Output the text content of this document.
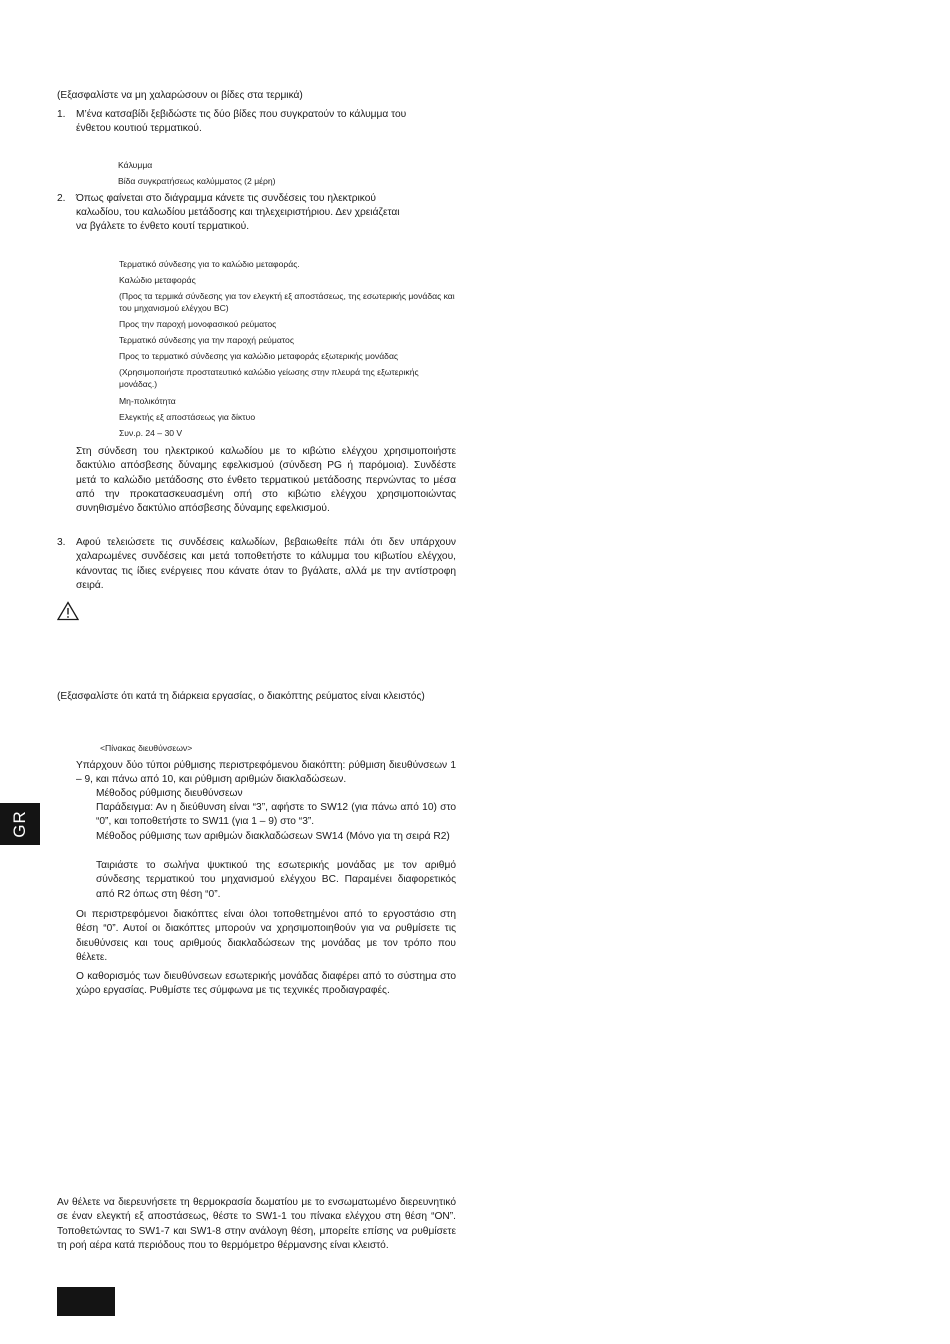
(Εξασφαλίστε να μη χαλαρώσουν οι βίδες στα τερμικά)
1. Μ’ένα κατσαβίδι ξεβιδώστε τις δύο βίδες που συγκρατούν το κάλυμμα του
ένθετου κουτιού τερματικού.
Κάλυμμα
Βίδα συγκρατήσεως καλύμματος (2 μέρη)
2. Όπως φαίνεται στο διάγραμμα κάνετε τις συνδέσεις του ηλεκτρικού
καλωδίου, του καλωδίου μετάδοσης και τηλεχειριστήριου. Δεν χρειάζεται
να βγάλετε το ένθετο κουτί τερματικού.
Τερματικό σύνδεσης για το καλώδιο μεταφοράς.
Καλώδιο μεταφοράς
(Προς τα τερμικά σύνδεσης για τον ελεγκτή εξ αποστάσεως, της εσωτερικής μονάδας και του μηχανισμού ελέγχου BC)
Προς την παροχή μονοφασικού ρεύματος
Τερματικό σύνδεσης για την παροχή ρεύματος
Προς το τερματικό σύνδεσης για καλώδιο μεταφοράς εξωτερικής μονάδας
(Χρησιμοποιήστε προστατευτικό καλώδιο γείωσης στην πλευρά της εξωτερικής μονάδας.)
Μη-πολικότητα
Ελεγκτής εξ αποστάσεως για δίκτυο
Συν.ρ. 24 – 30 V
Στη σύνδεση του ηλεκτρικού καλωδίου με το κιβώτιο ελέγχου χρησιμοποιήστε δακτύλιο απόσβεσης δύναμης εφελκισμού (σύνδεση PG ή παρόμοια). Συνδέστε μετά το καλώδιο μετάδοσης στο ένθετο τερματικού μετάδοσης περνώντας το μέσα από την προκατασκευασμένη οπή στο κιβώτιο ελέγχου χρησιμοποιώντας συνηθισμένο δακτύλιο απόσβεσης δύναμης εφελκισμού.
3. Αφού τελειώσετε τις συνδέσεις καλωδίων, βεβαιωθείτε πάλι ότι δεν υπάρχουν χαλαρωμένες συνδέσεις και μετά τοποθετήστε το κάλυμμα του κιβωτίου ελέγχου, κάνοντας τις ίδιες ενέργειες που κάνατε όταν το βγάλατε, αλλά με την αντίστροφη σειρά.
(Εξασφαλίστε ότι κατά τη διάρκεια εργασίας, ο διακόπτης ρεύματος είναι κλειστός)
<Πίνακας διευθύνσεων>
Υπάρχουν δύο τύποι ρύθμισης περιστρεφόμενου διακόπτη: ρύθμιση διευθύνσεων 1 – 9, και πάνω από 10, και ρύθμιση αριθμών διακλαδώσεων.
Μέθοδος ρύθμισης διευθύνσεων
Παράδειγμα: Αν η διεύθυνση είναι “3”, αφήστε το SW12 (για πάνω από 10) στο “0”, και τοποθετήστε το SW11 (για 1 – 9) στο “3”.
Μέθοδος ρύθμισης των αριθμών διακλαδώσεων SW14 (Μόνο για τη σειρά R2)
Ταιριάστε το σωλήνα ψυκτικού της εσωτερικής μονάδας με τον αριθμό σύνδεσης τερματικού του μηχανισμού ελέγχου BC. Παραμένει διαφορετικός από R2 όπως στη θέση “0”.
Οι περιστρεφόμενοι διακόπτες είναι όλοι τοποθετημένοι από το εργοστάσιο στη θέση “0”. Αυτοί οι διακόπτες μπορούν να χρησιμοποιηθούν για να ρυθμίσετε τις διευθύνσεις και τους αριθμούς διακλαδώσεων της μονάδας με τον τρόπο που θέλετε.
Ο καθορισμός των διευθύνσεων εσωτερικής μονάδας διαφέρει από το σύστημα στο χώρο εργασίας. Ρυθμίστε τες σύμφωνα με τις τεχνικές προδιαγραφές.
Αν θέλετε να διερευνήσετε τη θερμοκρασία δωματίου με το ενσωματωμένο διερευνητικό σε έναν ελεγκτή εξ αποστάσεως, θέστε το SW1-1 του πίνακα ελέγχου στη θέση “ON”. Τοποθετώντας το SW1-7 και SW1-8 στην ανάλογη θέση, μπορείτε επίσης να ρυθμίσετε τη ροή αέρα κατά περιόδους που το θερμόμετρο θέρμανσης είναι κλειστό.
GR
